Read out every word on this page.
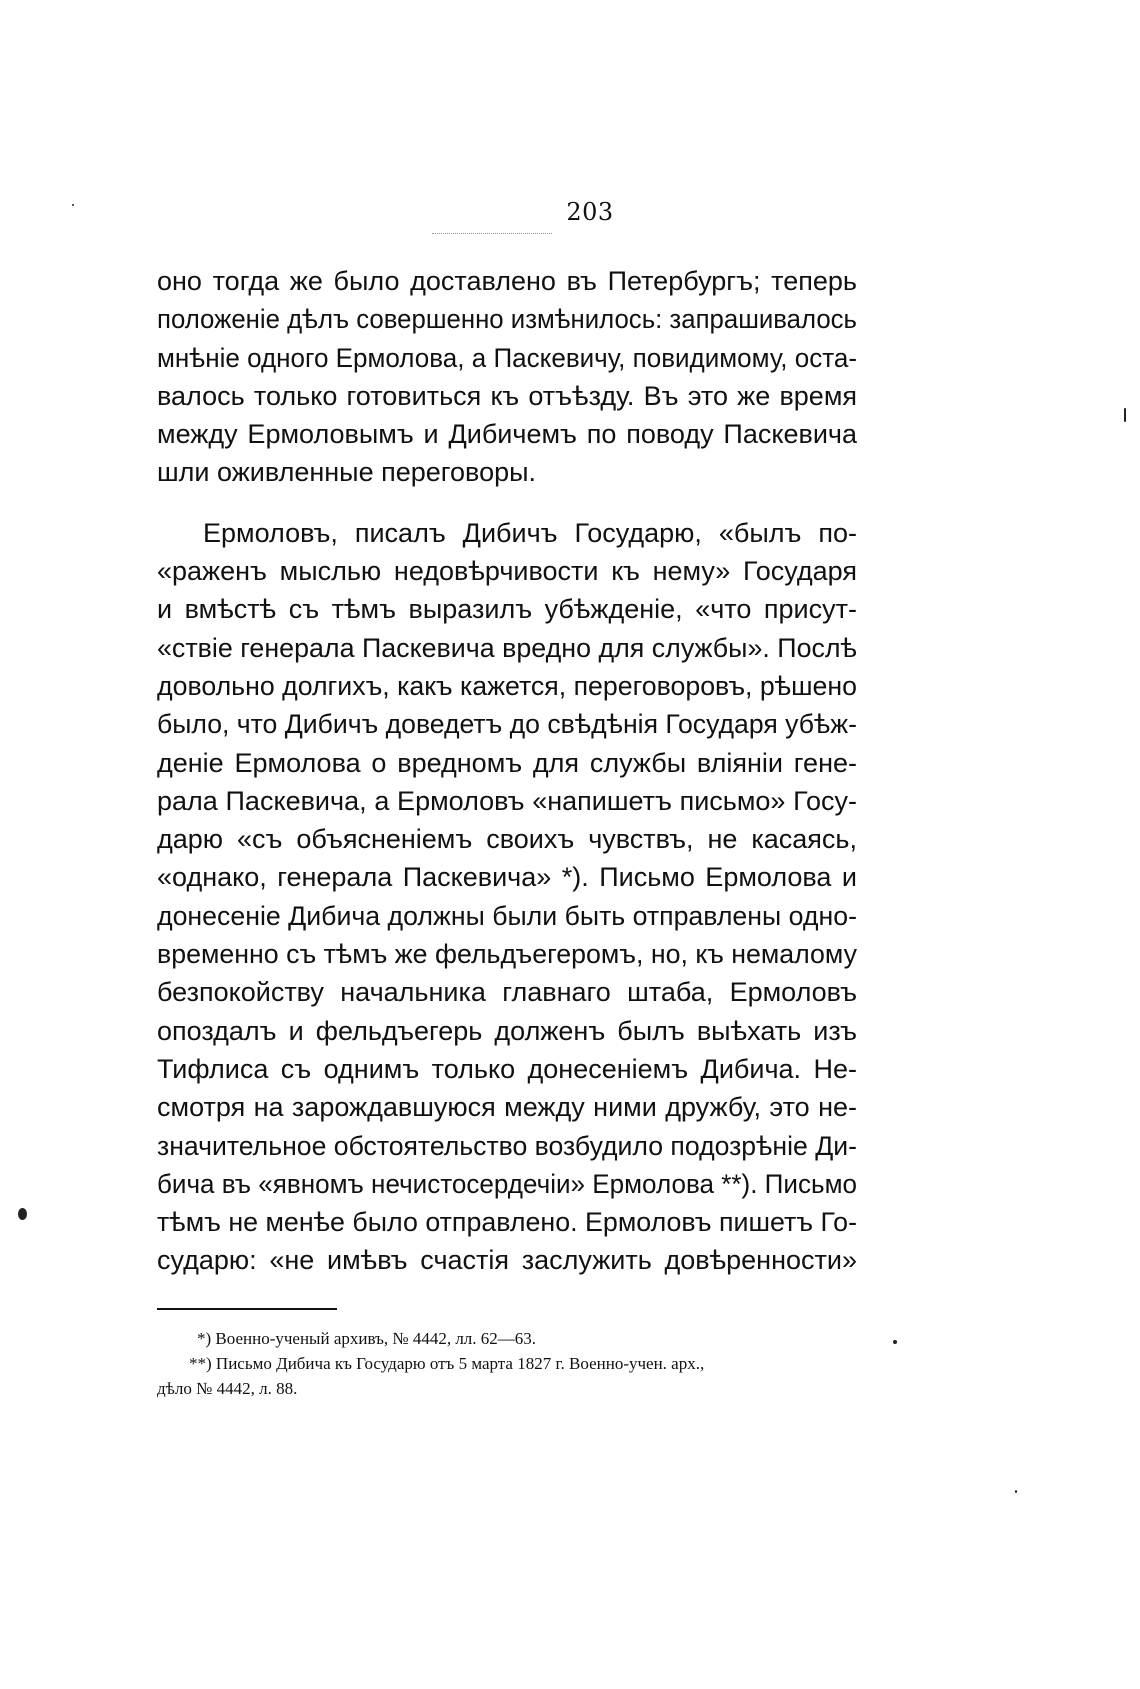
203
оно тогда же было доставлено въ Петербургъ; теперь
положеніе дѣлъ совершенно измѣнилось: запрашивалось
мнѣніе одного Ермолова, а Паскевичу, повидимому, оста-
валось только готовиться къ отъѣзду. Въ это же время
между Ермоловымъ и Дибичемъ по поводу Паскевича
шли оживленные переговоры.
Ермоловъ, писалъ Дибичъ Государю, «былъ по-
«раженъ мыслью недовѣрчивости къ нему» Государя
и вмѣстѣ съ тѣмъ выразилъ убѣжденіе, «что присут-
«ствіе генерала Паскевича вредно для службы». Послѣ
довольно долгихъ, какъ кажется, переговоровъ, рѣшено
было, что Дибичъ доведетъ до свѣдѣнія Государя убѣж-
деніе Ермолова о вредномъ для службы вліяніи гене-
рала Паскевича, а Ермоловъ «напишетъ письмо» Госу-
дарю «съ объясненіемъ своихъ чувствъ, не касаясь,
«однако, генерала Паскевича» *). Письмо Ермолова и
донесеніе Дибича должны были быть отправлены одно-
временно съ тѣмъ же фельдъегеромъ, но, къ немалому
безпокойству начальника главнаго штаба, Ермоловъ
опоздалъ и фельдъегерь долженъ былъ выѣхать изъ
Тифлиса съ однимъ только донесеніемъ Дибича. Не-
смотря на зарождавшуюся между ними дружбу, это не-
значительное обстоятельство возбудило подозрѣніе Ди-
бича въ «явномъ нечистосердечіи» Ермолова **). Письмо
тѣмъ не менѣе было отправлено. Ермоловъ пишетъ Го-
сударю: «не имѣвъ счастія заслужить довѣренности»
*) Военно-ученый архивъ, № 4442, лл. 62—63.
**) Письмо Дибича къ Государю отъ 5 марта 1827 г. Военно-учен. арх.,
дѣло № 4442, л. 88.
